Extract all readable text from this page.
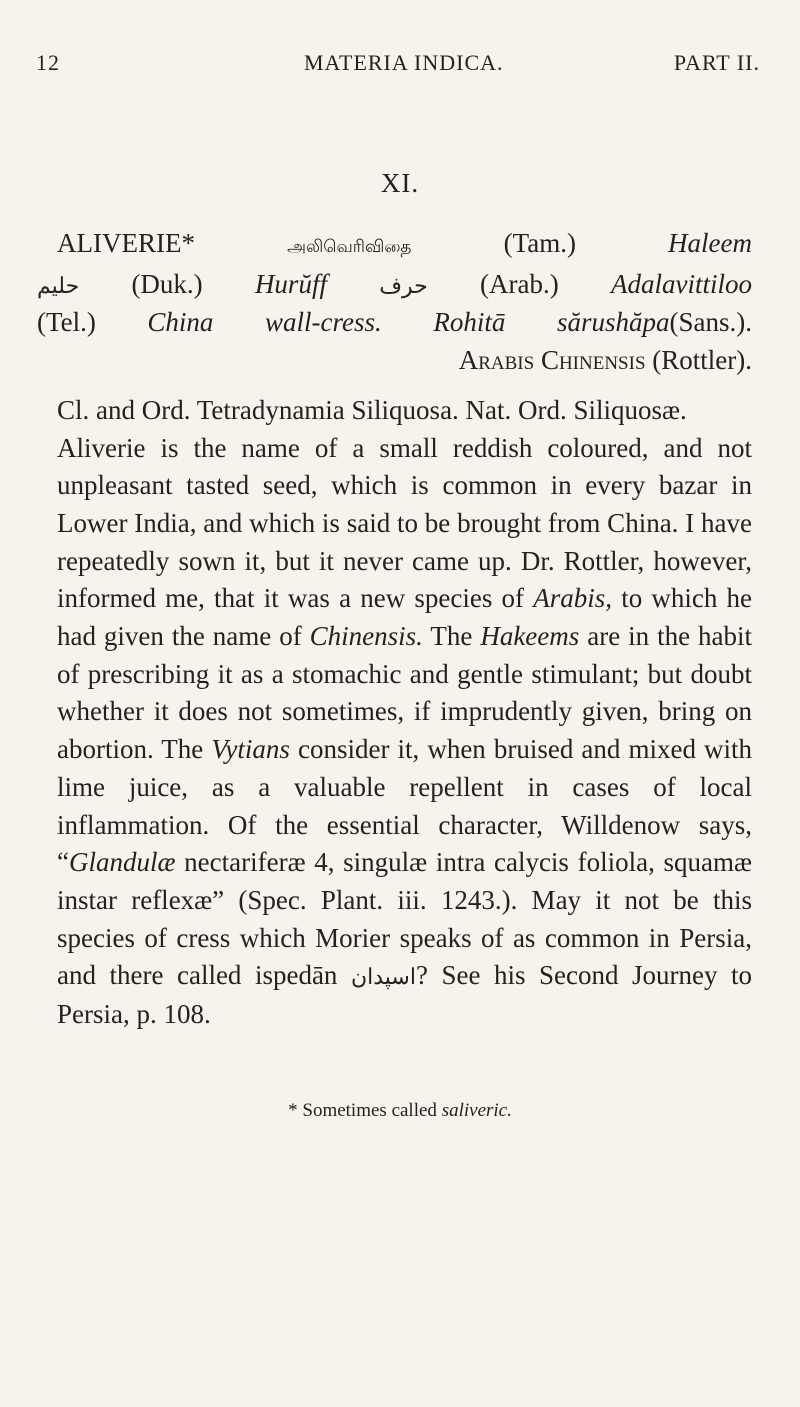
12	MATERIA INDICA.	PART II.
XI.

ALIVERIE*	அலிவெரிவிதை	(Tam.)	Haleem

حلیم (Duk.) Hurŭff حرف (Arab.) Adalavittiloo

(Tel.) China wall-cress. Rohitā sărushăpa(Sans.).

Arabis Chinensis (Rottler).

Cl. and Ord. Tetradynamia Siliquosa. Nat. Ord. Siliquosæ.

Aliverie is the name of a small reddish coloured, and not unpleasant tasted seed, which is common in every bazar in Lower India, and which is said to be brought from China. I have repeatedly sown it, but it never came up. Dr. Rottler, however, informed me, that it was a new species of Arabis, to which he had given the name of Chinensis. The Hakeems are in the habit of prescribing it as a stomachic and gentle stimulant; but doubt whether it does not sometimes, if imprudently given, bring on abortion. The Vytians consider it, when bruised and mixed with lime juice, as a valuable repellent in cases of local inflammation. Of the essential character, Willdenow says, “Glandulæ nectariferæ 4, singulæ intra calycis foliola, squamæ instar reflexæ” (Spec. Plant. iii. 1243.). May it not be this species of cress which Morier speaks of as common in Persia, and there called ispedān اسپدان? See his Second Journey to Persia, p. 108.

* Sometimes called saliveric.
